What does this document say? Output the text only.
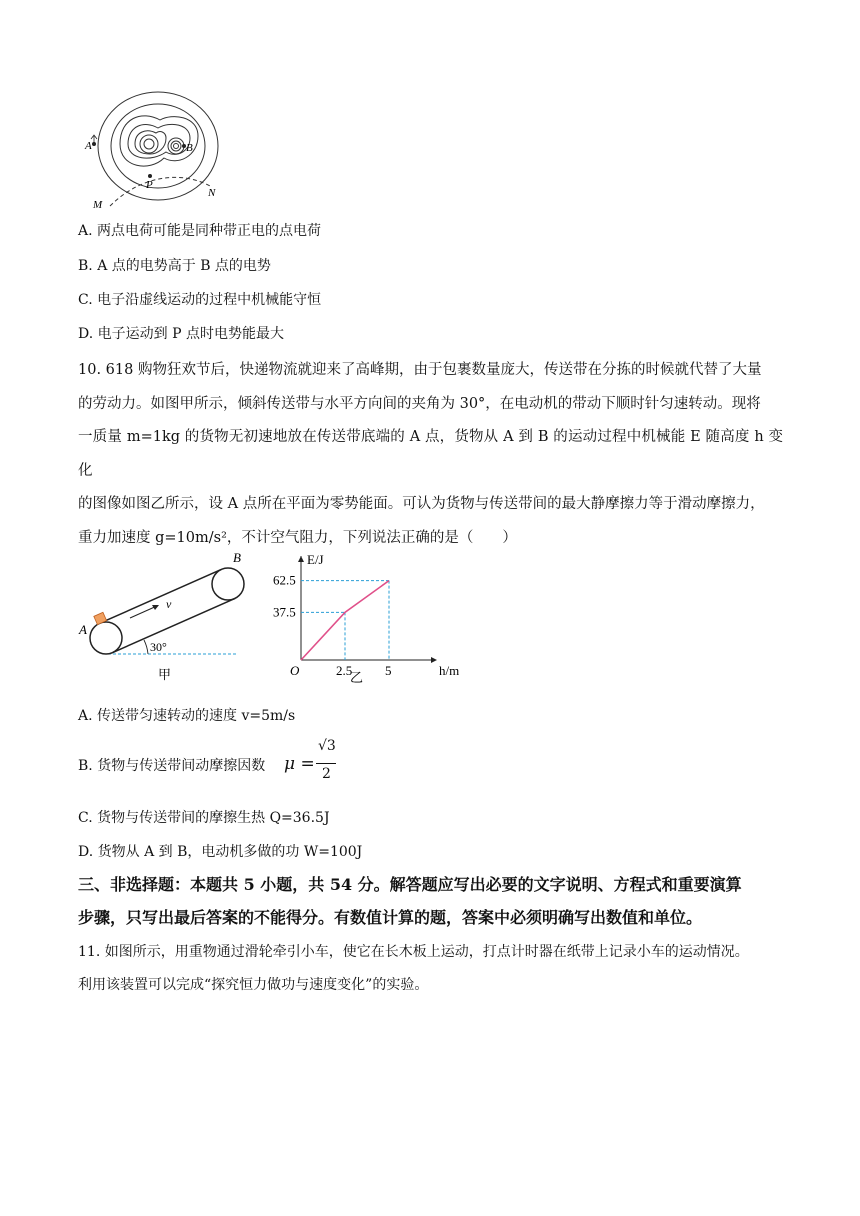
A	B
P
M
N
A. 两点电荷可能是同种带正电的点电荷
B. A 点的电势高于 B 点的电势
C. 电子沿虚线运动的过程中机械能守恒
D. 电子运动到 P 点时电势能最大

10. 618 购物狂欢节后，快递物流就迎来了高峰期，由于包裹数量庞大，传送带在分拣的时候就代替了大量

的劳动力。如图甲所示，倾斜传送带与水平方向间的夹角为 30°，在电动机的带动下顺时针匀速转动。现将

一质量 m=1kg 的货物无初速地放在传送带底端的 A 点，货物从 A 到 B 的运动过程中机械能 E 随高度 h 变化

的图像如图乙所示，设 A 点所在平面为零势能面。可认为货物与传送带间的最大静摩擦力等于滑动摩擦力，

重力加速度 g=10m/s²，不计空气阻力，下列说法正确的是（　　）

A
B
v
30°
甲
37.5
62.5
2.5	5
O
E/J
h/m
乙
A. 传送带匀速转动的速度 v=5m/s
B. 货物与传送带间动摩擦因数 μ =
√3
2
C. 货物与传送带间的摩擦生热 Q=36.5J
D. 货物从 A 到 B，电动机多做的功 W=100J
三、非选择题：本题共 5 小题，共 54 分。解答题应写出必要的文字说明、方程式和重要演算
步骤，只写出最后答案的不能得分。有数值计算的题，答案中必须明确写出数值和单位。
11. 如图所示，用重物通过滑轮牵引小车，使它在长木板上运动，打点计时器在纸带上记录小车的运动情况。
利用该装置可以完成“探究恒力做功与速度变化”的实验。
